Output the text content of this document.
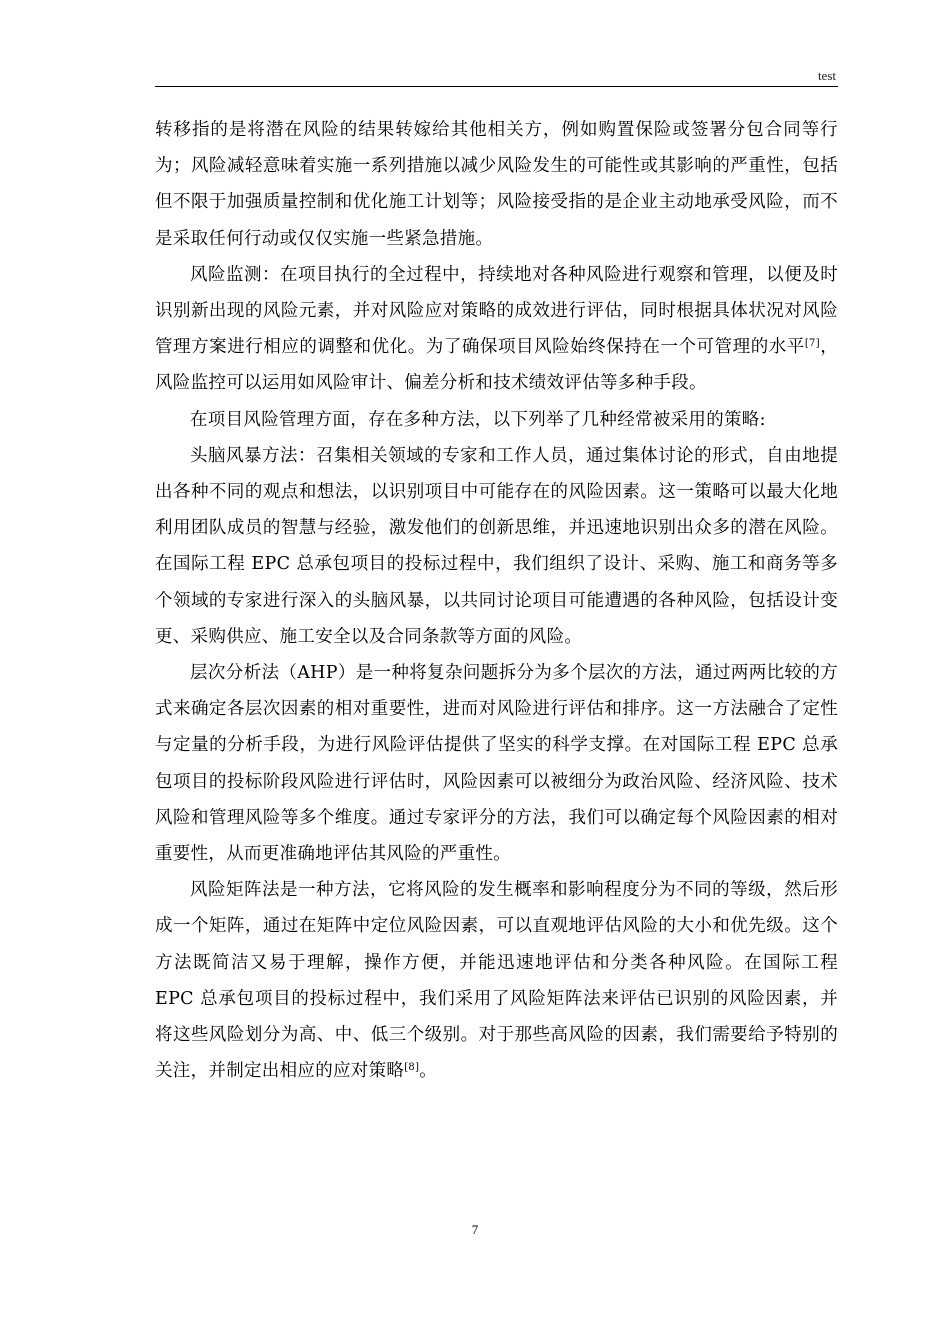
test

转移指的是将潜在风险的结果转嫁给其他相关方，例如购置保险或签署分包合同等行为；风险减轻意味着实施一系列措施以减少风险发生的可能性或其影响的严重性，包括但不限于加强质量控制和优化施工计划等；风险接受指的是企业主动地承受风险，而不是采取任何行动或仅仅实施一些紧急措施。

风险监测：在项目执行的全过程中，持续地对各种风险进行观察和管理，以便及时识别新出现的风险元素，并对风险应对策略的成效进行评估，同时根据具体状况对风险管理方案进行相应的调整和优化。为了确保项目风险始终保持在一个可管理的水平[7]，风险监控可以运用如风险审计、偏差分析和技术绩效评估等多种手段。

在项目风险管理方面，存在多种方法，以下列举了几种经常被采用的策略:

头脑风暴方法：召集相关领域的专家和工作人员，通过集体讨论的形式，自由地提出各种不同的观点和想法，以识别项目中可能存在的风险因素。这一策略可以最大化地利用团队成员的智慧与经验，激发他们的创新思维，并迅速地识别出众多的潜在风险。在国际工程 EPC 总承包项目的投标过程中，我们组织了设计、采购、施工和商务等多个领域的专家进行深入的头脑风暴，以共同讨论项目可能遭遇的各种风险，包括设计变更、采购供应、施工安全以及合同条款等方面的风险。

层次分析法（AHP）是一种将复杂问题拆分为多个层次的方法，通过两两比较的方式来确定各层次因素的相对重要性，进而对风险进行评估和排序。这一方法融合了定性与定量的分析手段，为进行风险评估提供了坚实的科学支撑。在对国际工程 EPC 总承包项目的投标阶段风险进行评估时，风险因素可以被细分为政治风险、经济风险、技术风险和管理风险等多个维度。通过专家评分的方法，我们可以确定每个风险因素的相对重要性，从而更准确地评估其风险的严重性。

风险矩阵法是一种方法，它将风险的发生概率和影响程度分为不同的等级，然后形成一个矩阵，通过在矩阵中定位风险因素，可以直观地评估风险的大小和优先级。这个方法既简洁又易于理解，操作方便，并能迅速地评估和分类各种风险。在国际工程 EPC 总承包项目的投标过程中，我们采用了风险矩阵法来评估已识别的风险因素，并将这些风险划分为高、中、低三个级别。对于那些高风险的因素，我们需要给予特别的关注，并制定出相应的应对策略[8]。

7
